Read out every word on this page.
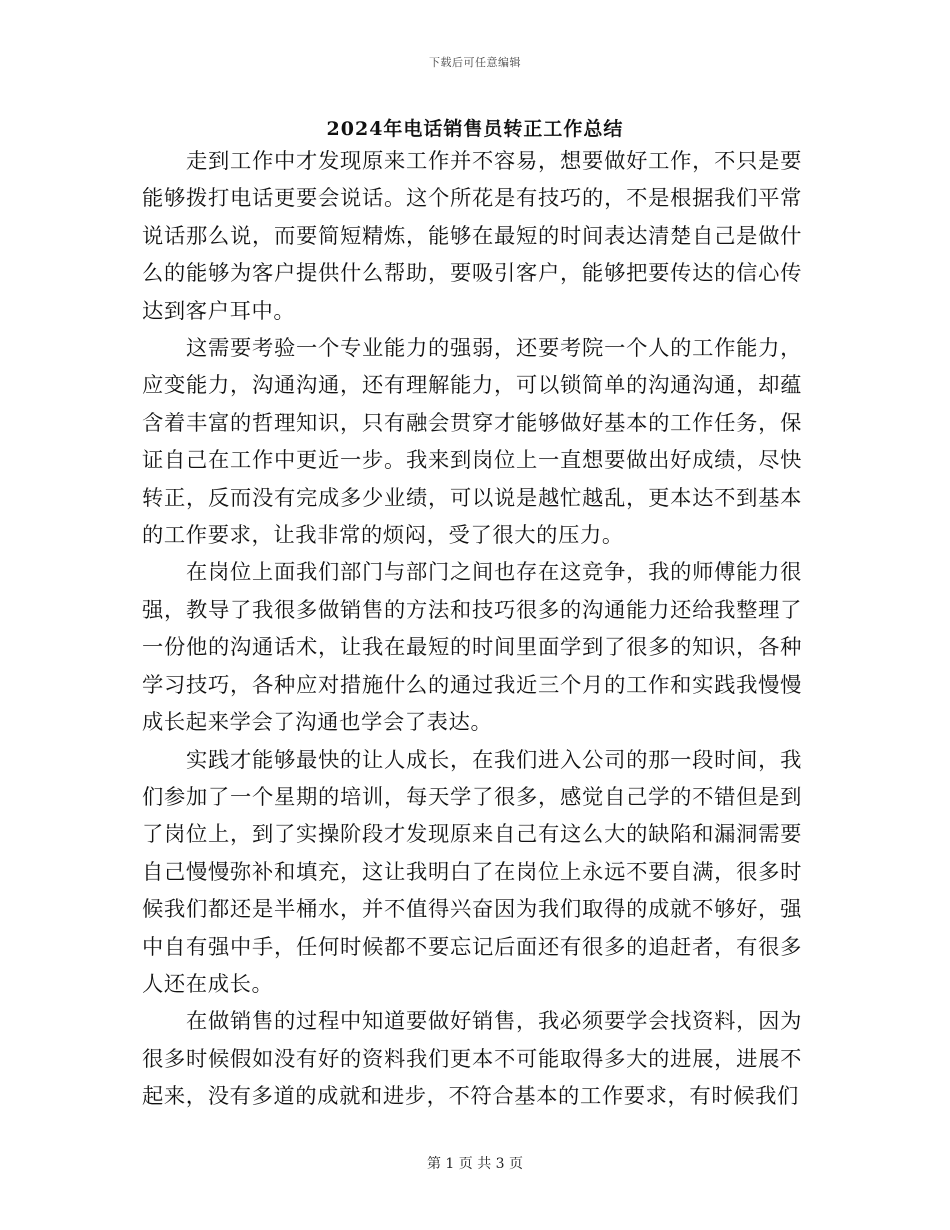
下载后可任意编辑
2024年电话销售员转正工作总结

走到工作中才发现原来工作并不容易，想要做好工作，不只是要能够拨打电话更要会说话。这个所花是有技巧的，不是根据我们平常说话那么说，而要简短精炼，能够在最短的时间表达清楚自己是做什么的能够为客户提供什么帮助，要吸引客户，能够把要传达的信心传达到客户耳中。

这需要考验一个专业能力的强弱，还要考院一个人的工作能力，应变能力，沟通沟通，还有理解能力，可以锁简单的沟通沟通，却蕴含着丰富的哲理知识，只有融会贯穿才能够做好基本的工作任务，保证自己在工作中更近一步。我来到岗位上一直想要做出好成绩，尽快转正，反而没有完成多少业绩，可以说是越忙越乱，更本达不到基本的工作要求，让我非常的烦闷，受了很大的压力。

在岗位上面我们部门与部门之间也存在这竞争，我的师傅能力很强，教导了我很多做销售的方法和技巧很多的沟通能力还给我整理了一份他的沟通话术，让我在最短的时间里面学到了很多的知识，各种学习技巧，各种应对措施什么的通过我近三个月的工作和实践我慢慢成长起来学会了沟通也学会了表达。

实践才能够最快的让人成长，在我们进入公司的那一段时间，我们参加了一个星期的培训，每天学了很多，感觉自己学的不错但是到了岗位上，到了实操阶段才发现原来自己有这么大的缺陷和漏洞需要自己慢慢弥补和填充，这让我明白了在岗位上永远不要自满，很多时候我们都还是半桶水，并不值得兴奋因为我们取得的成就不够好，强中自有强中手，任何时候都不要忘记后面还有很多的追赶者，有很多人还在成长。

在做销售的过程中知道要做好销售，我必须要学会找资料，因为很多时候假如没有好的资料我们更本不可能取得多大的进展，进展不起来，没有多道的成就和进步，不符合基本的工作要求，有时候我们

第 1 页 共 3 页
